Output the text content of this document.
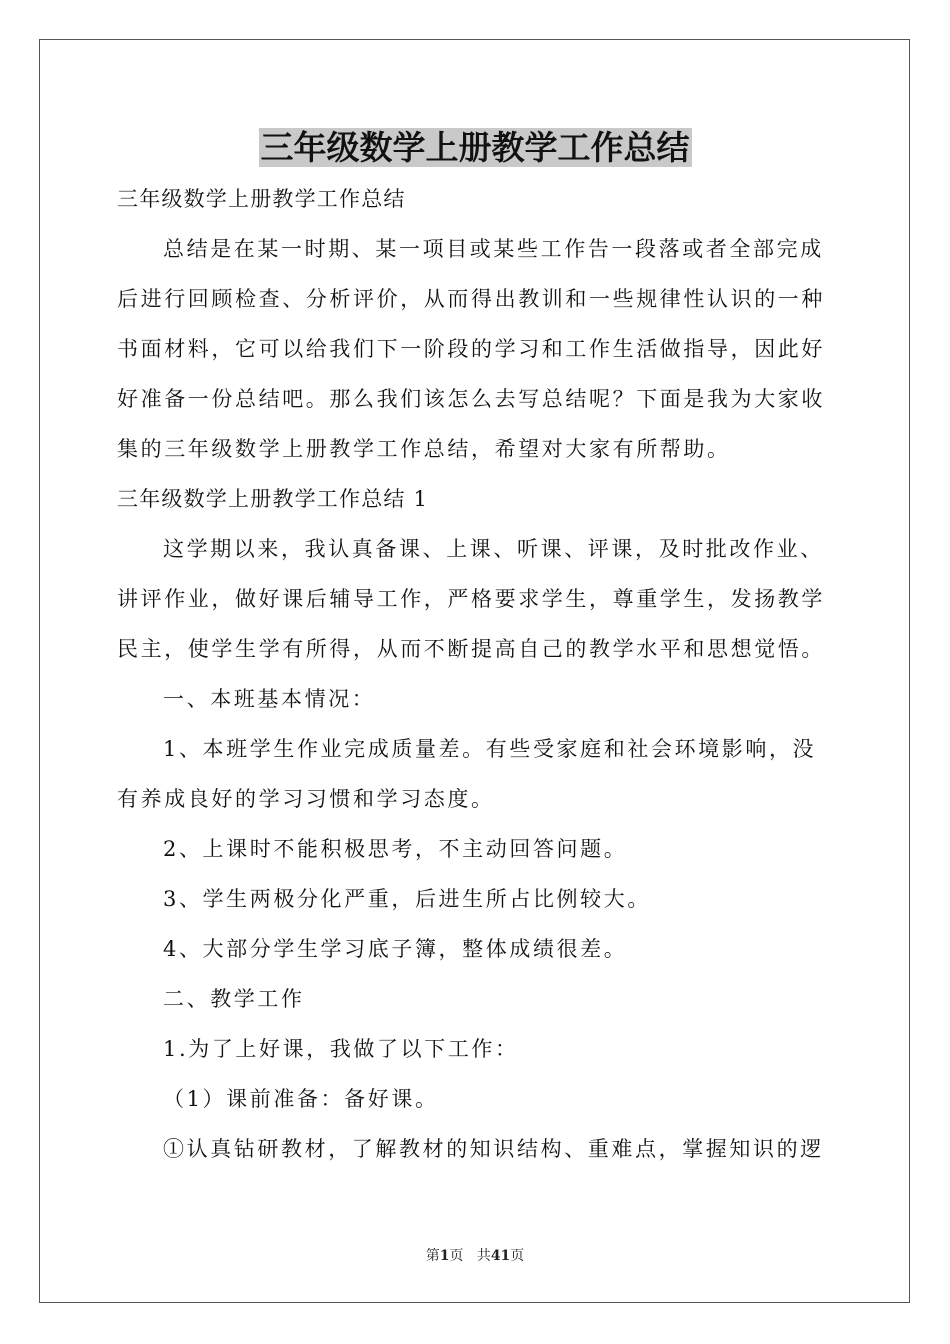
三年级数学上册教学工作总结

三年级数学上册教学工作总结

总结是在某一时期、某一项目或某些工作告一段落或者全部完成

后进行回顾检查、分析评价，从而得出教训和一些规律性认识的一种

书面材料，它可以给我们下一阶段的学习和工作生活做指导，因此好

好准备一份总结吧。那么我们该怎么去写总结呢？下面是我为大家收

集的三年级数学上册教学工作总结，希望对大家有所帮助。

三年级数学上册教学工作总结 1

这学期以来，我认真备课、上课、听课、评课，及时批改作业、

讲评作业，做好课后辅导工作，严格要求学生，尊重学生，发扬教学

民主，使学生学有所得，从而不断提高自己的教学水平和思想觉悟。

一、本班基本情况：

1、本班学生作业完成质量差。有些受家庭和社会环境影响，没

有养成良好的学习习惯和学习态度。

2、上课时不能积极思考，不主动回答问题。

3、学生两极分化严重，后进生所占比例较大。

4、大部分学生学习底子簿，整体成绩很差。

二、教学工作

1.为了上好课，我做了以下工作：

（1）课前准备：备好课。

①认真钻研教材，了解教材的知识结构、重难点，掌握知识的逻

第1页 共41页
